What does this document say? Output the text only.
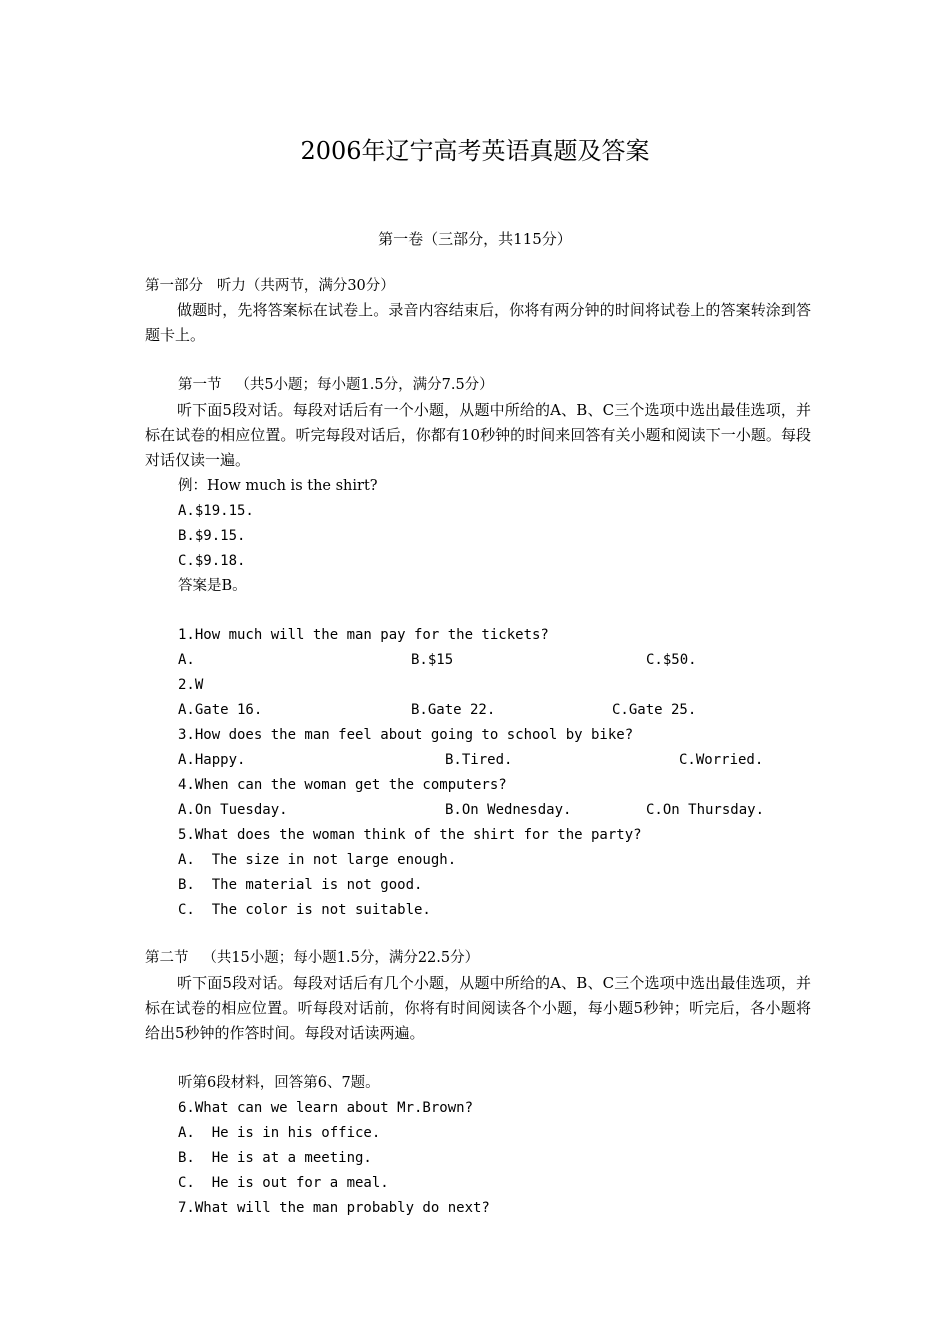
2006年辽宁高考英语真题及答案
第一卷（三部分，共115分）
第一部分   听力（共两节，满分30分）
做题时，先将答案标在试卷上。录音内容结束后，你将有两分钟的时间将试卷上的答案转涂到答题卡上。
第一节   （共5小题；每小题1.5分，满分7.5分）
听下面5段对话。每段对话后有一个小题，从题中所给的A、B、C三个选项中选出最佳选项，并标在试卷的相应位置。听完每段对话后，你都有10秒钟的时间来回答有关小题和阅读下一小题。每段对话仅读一遍。
例：How much is the shirt?
A.$19.15.
B.$9.15.
C.$9.18.
答案是B。
1.How much will the man pay for the tickets?
A.	B.$15	C.$50.
2.W
A.Gate 16.	B.Gate 22.	C.Gate 25.
3.How does the man feel about going to school by bike?
A.Happy.	B.Tired.	C.Worried.
4.When can the woman get the computers?
A.On Tuesday.	B.On Wednesday.	C.On Thursday.
5.What does the woman think of the shirt for the party?
A.  The size in not large enough.
B.  The material is not good.
C.  The color is not suitable.
第二节   （共15小题；每小题1.5分，满分22.5分）
听下面5段对话。每段对话后有几个小题，从题中所给的A、B、C三个选项中选出最佳选项，并标在试卷的相应位置。听每段对话前，你将有时间阅读各个小题，每小题5秒钟；听完后，各小题将给出5秒钟的作答时间。每段对话读两遍。
听第6段材料，回答第6、7题。
6.What can we learn about Mr.Brown?
A.  He is in his office.
B.  He is at a meeting.
C.  He is out for a meal.
7.What will the man probably do next?
